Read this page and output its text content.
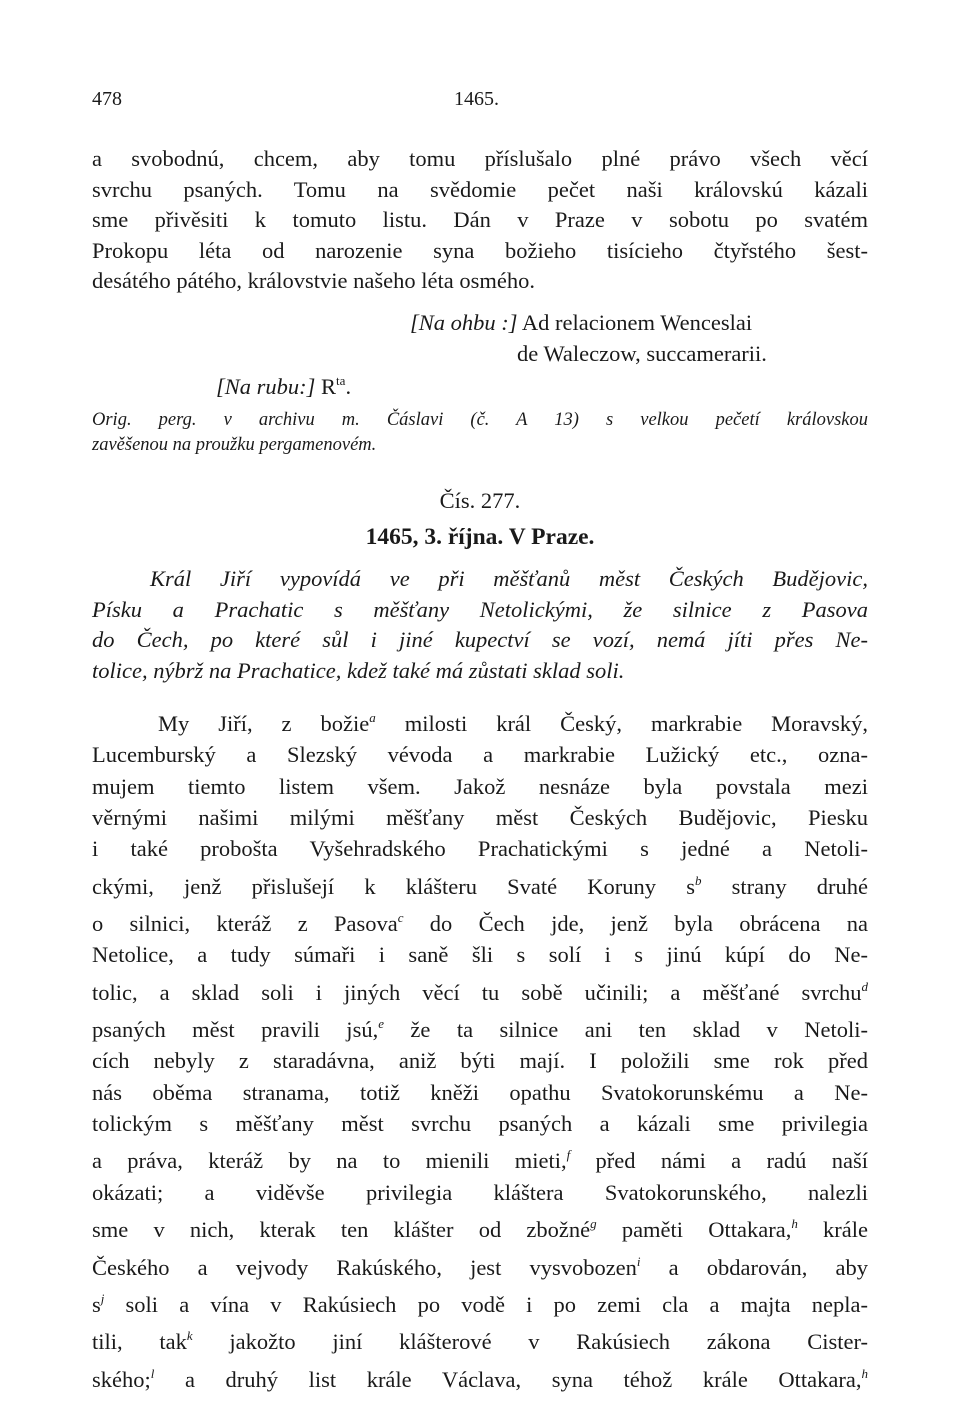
478	1465.
a svobodnú, chcem, aby tomu příslušalo plné právo všech věcí
svrchu psaných. Tomu na svědomie pečet naši královskú kázali
sme přivěsiti k tomuto listu. Dán v Praze v sobotu po svatém
Prokopu léta od narozenie syna božieho tisícieho čtyřstého šest-
desátého pátého, královstvie našeho léta osmého.
[Na ohbu :] Ad relacionem Wenceslai
de Waleczow, succamerarii.
[Na rubu:] $R^{ta}$.
Orig. perg. v archivu m. Čáslavi (č. A 13) s velkou pečetí královskou
zavěšenou na proužku pergamenovém.
Čís. 277.
1465, 3. října. V Praze.
Král Jiří vypovídá ve při měšťanů měst Českých Budějovic,
Písku a Prachatic s měšťany Netolickými, že silnice z Pasova
do Čech, po které sůl i jiné kupectví se vozí, nemá jíti přes Ne-
tolice, nýbrž na Prachatice, kdež také má zůstati sklad soli.
My Jiří, z božie$^a$ milosti král Český, markrabie Moravský,
Lucemburský a Slezský vévoda a markrabie Lužický etc., ozna-
mujem tiemto listem všem. Jakož nesnáze byla povstala mezi
věrnými našimi milými měšťany měst Českých Budějovic, Piesku
i také probošta Vyšehradského Prachatickými s jedné a Netoli-
ckými, jenž přislušejí k klášteru Svaté Koruny $s^b$ strany druhé
o silnici, kteráž z Pasova$^c$ do Čech jde, jenž byla obrácena na
Netolice, a tudy súmaři i saně šli s solí i s jinú kúpí do Ne-
tolic, a sklad soli i jiných věcí tu sobě učinili; a měšťané svrchu$^d$
psaných měst pravili jsú,$^e$ že ta silnice ani ten sklad v Netoli-
cích nebyly z staradávna, aniž býti mají. I položili sme rok před
nás oběma stranama, totiž kněži opathu Svatokorunskému a Ne-
tolickým s měšťany měst svrchu psaných a kázali sme privilegia
a práva, kteráž by na to mienili mieti,$^f$ před námi a radú naší
okázati; a viděvše privilegia kláštera Svatokorunského, nalezli
sme v nich, kterak ten klášter od zbožné$^g$ paměti Ottakara,$^h$ krále
Českého a vejvody Rakúského, jest vysvobozen$^i$ a obdarován, aby
$s^j$ soli a vína v Rakúsiech po vodě i po zemi cla a majta nepla-
tili, tak$^k$ jakožto jiní klášterové v Rakúsiech zákona Cister-
ského;$^l$ a druhý list krále Václava, syna téhož krále Ottakara,$^h$
